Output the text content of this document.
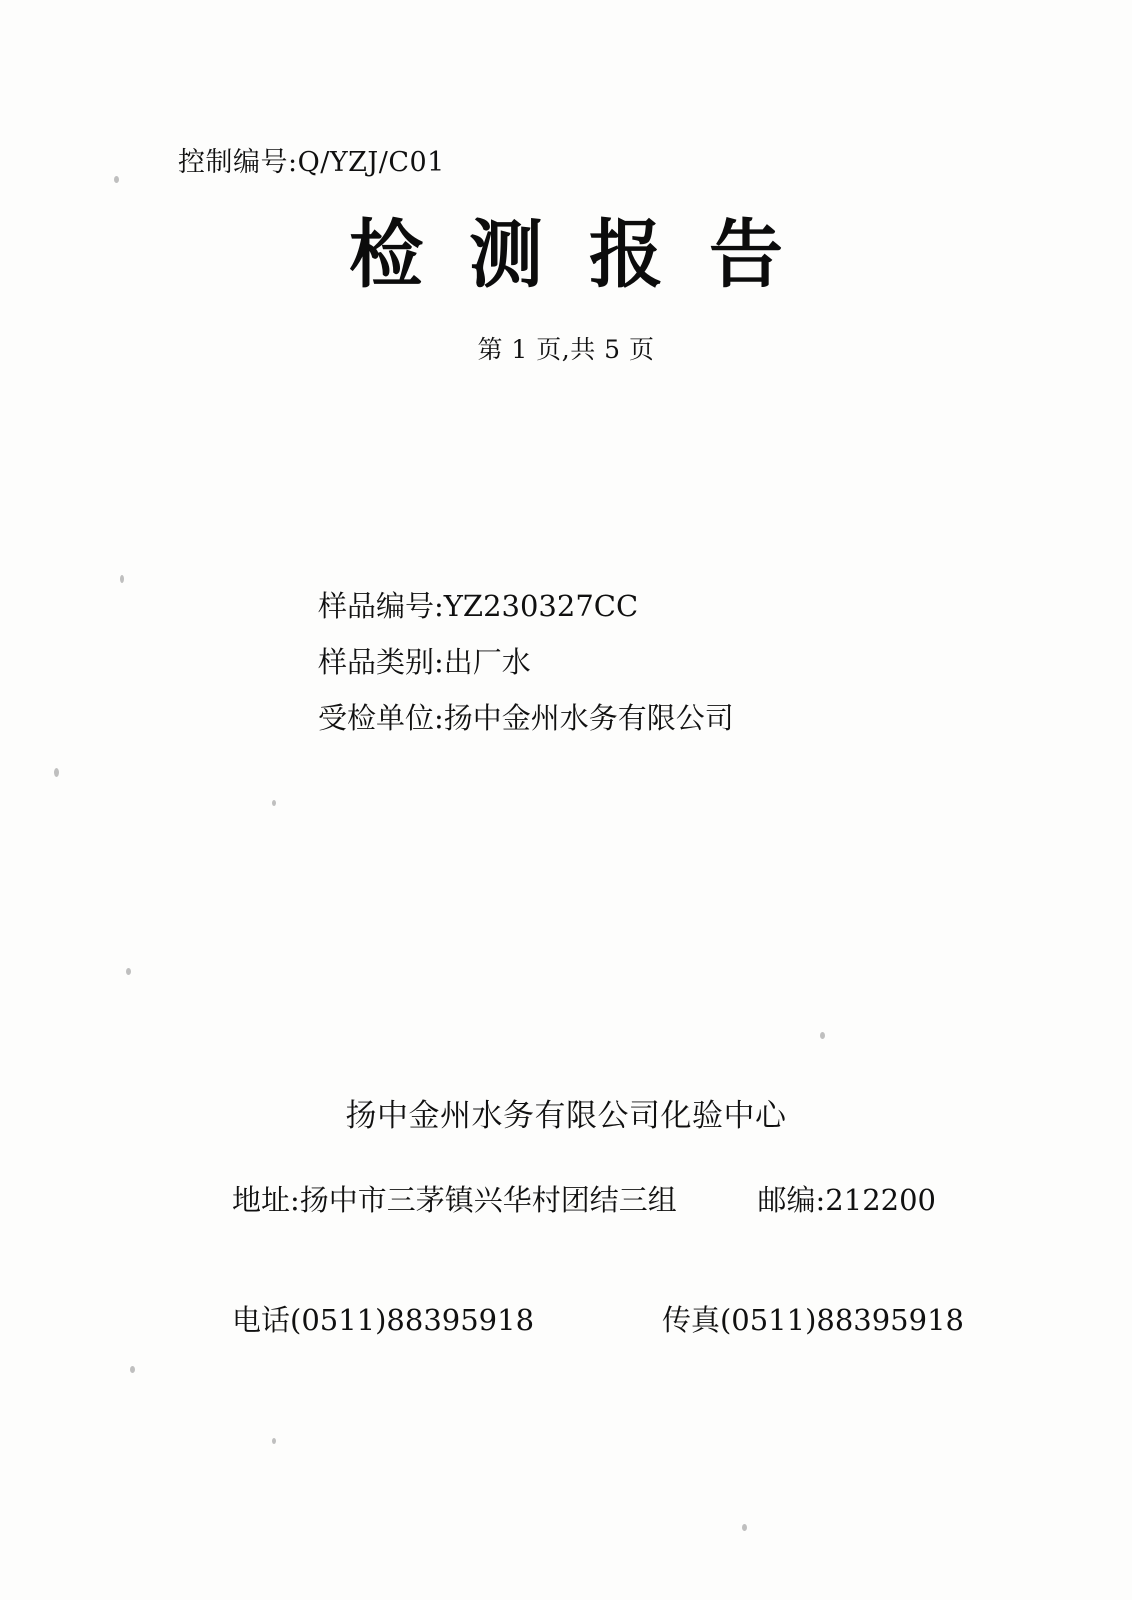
控制编号:Q/YZJ/C01
检测报告
第 1 页,共 5 页
样品编号:YZ230327CC
样品类别:出厂水
受检单位:扬中金州水务有限公司
扬中金州水务有限公司化验中心
地址:扬中市三茅镇兴华村团结三组	邮编:212200
电话(0511)88395918	传真(0511)88395918
